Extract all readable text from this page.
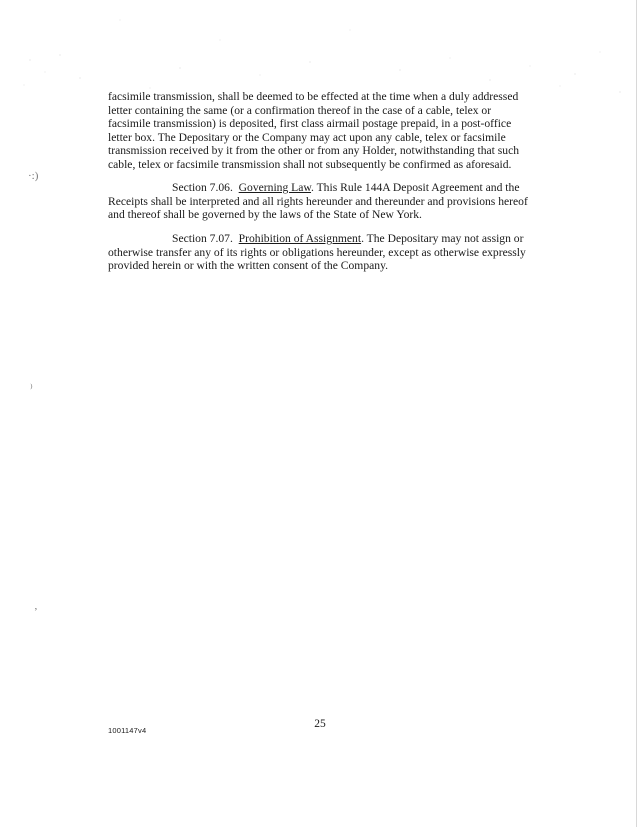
·:)
⁾
‚
facsimile transmission, shall be deemed to be effected at the time when a duly addressed letter containing the same (or a confirmation thereof in the case of a cable, telex or facsimile transmission) is deposited, first class airmail postage prepaid, in a post-office letter box. The Depositary or the Company may act upon any cable, telex or facsimile transmission received by it from the other or from any Holder, notwithstanding that such cable, telex or facsimile transmission shall not subsequently be confirmed as aforesaid.
Section 7.06. Governing Law. This Rule 144A Deposit Agreement and the Receipts shall be interpreted and all rights hereunder and thereunder and provisions hereof and thereof shall be governed by the laws of the State of New York.
Section 7.07. Prohibition of Assignment. The Depositary may not assign or otherwise transfer any of its rights or obligations hereunder, except as otherwise expressly provided herein or with the written consent of the Company.
25
1001147v4
